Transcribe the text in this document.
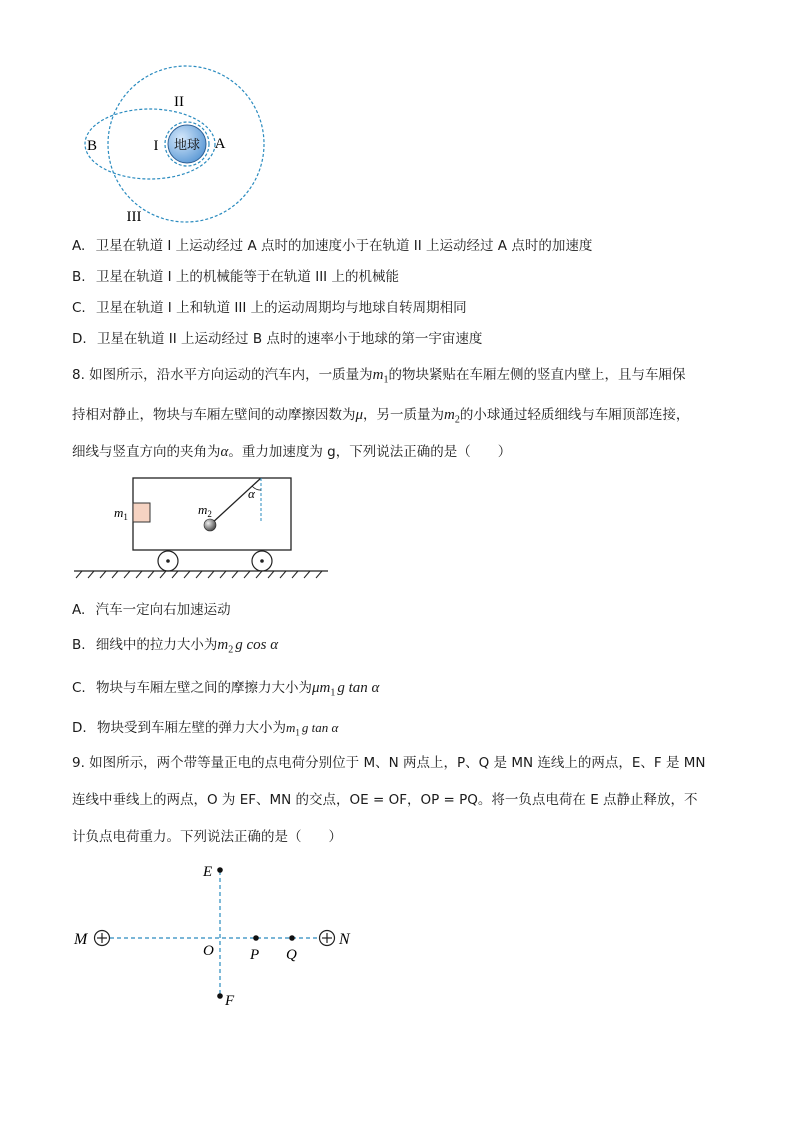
地球
II
I
B	A
III
A. 卫星在轨道 I 上运动经过 A 点时的加速度小于在轨道 II 上运动经过 A 点时的加速度
B. 卫星在轨道 I 上的机械能等于在轨道 III 上的机械能
C. 卫星在轨道 I 上和轨道 III 上的运动周期均与地球自转周期相同
D. 卫星在轨道 II 上运动经过 B 点时的速率小于地球的第一宇宙速度
8. 如图所示，沿水平方向运动的汽车内，一质量为$m_1$的物块紧贴在车厢左侧的竖直内壁上，且与车厢保
持相对静止，物块与车厢左壁间的动摩擦因数为μ，另一质量为$m_2$的小球通过轻质细线与车厢顶部连接，
细线与竖直方向的夹角为α。重力加速度为 g，下列说法正确的是（　　）
$m_1$
α
$m_2$
A. 汽车一定向右加速运动
B. 细线中的拉力大小为$m_2$ g cos α
C. 物块与车厢左壁之间的摩擦力大小为$\mu m_1$ g tan α
D. 物块受到车厢左壁的弹力大小为$m_1$ g tan α
9. 如图所示，两个带等量正电的点电荷分别位于 M、N 两点上，P、Q 是 MN 连线上的两点，E、F 是 MN
连线中垂线上的两点，O 为 EF、MN 的交点，OE = OF，OP = PQ。将一负点电荷在 E 点静止释放，不
计负点电荷重力。下列说法正确的是（　　）
E
F
M	N
O P Q
